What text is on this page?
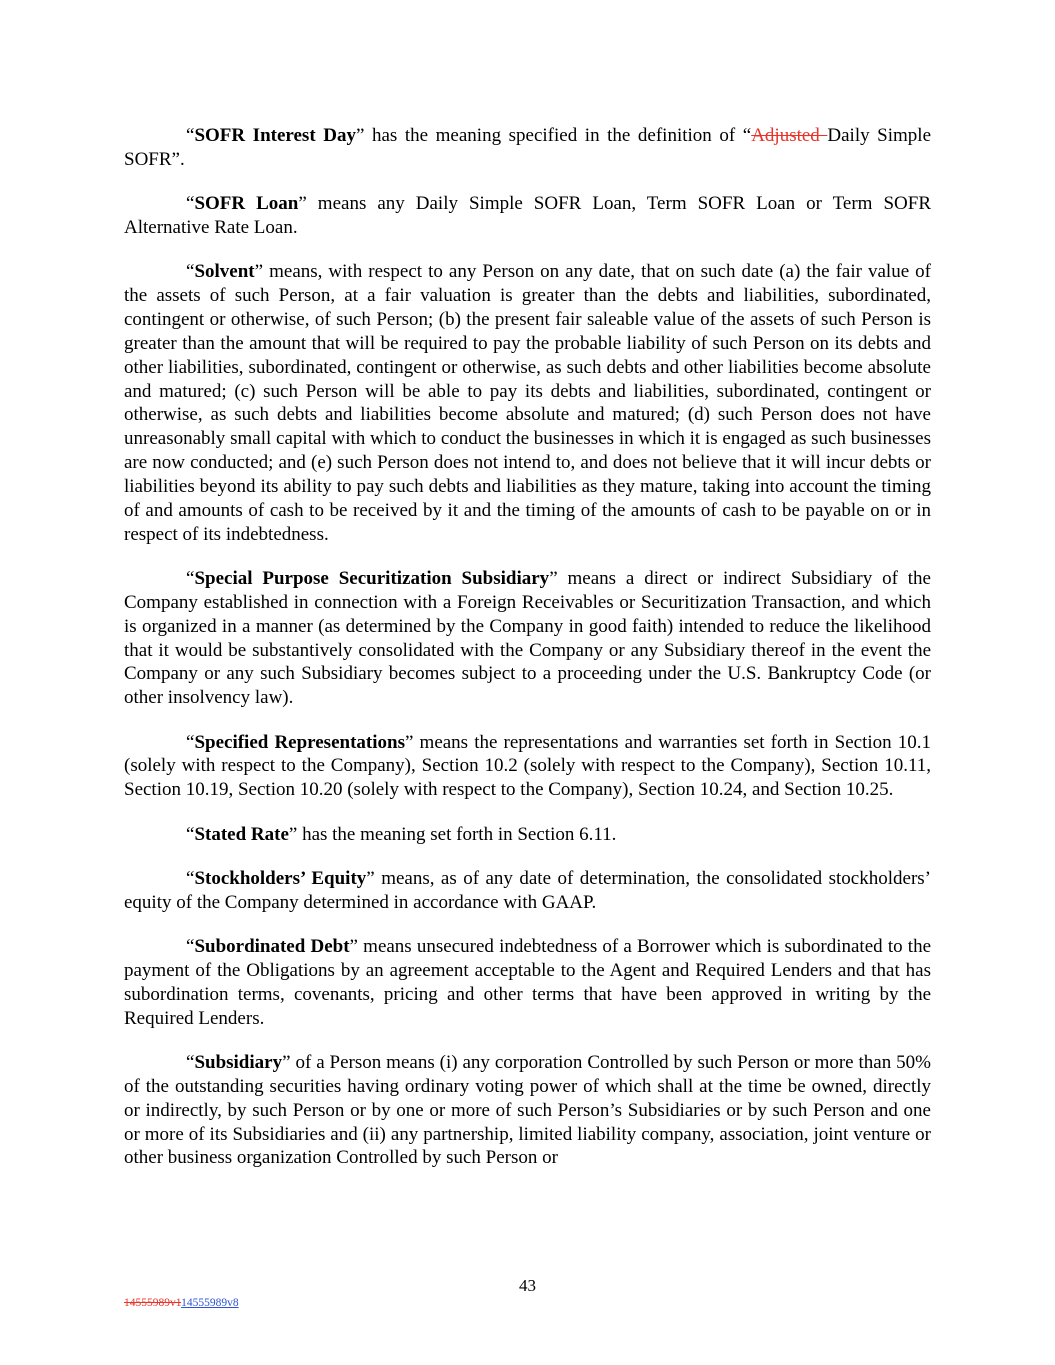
“SOFR Interest Day” has the meaning specified in the definition of “Adjusted Daily Simple SOFR”.

“SOFR Loan” means any Daily Simple SOFR Loan, Term SOFR Loan or Term SOFR Alternative Rate Loan.

“Solvent” means, with respect to any Person on any date, that on such date (a) the fair value of the assets of such Person, at a fair valuation is greater than the debts and liabilities, subordinated, contingent or otherwise, of such Person; (b) the present fair saleable value of the assets of such Person is greater than the amount that will be required to pay the probable liability of such Person on its debts and other liabilities, subordinated, contingent or otherwise, as such debts and other liabilities become absolute and matured; (c) such Person will be able to pay its debts and liabilities, subordinated, contingent or otherwise, as such debts and liabilities become absolute and matured; (d) such Person does not have unreasonably small capital with which to conduct the businesses in which it is engaged as such businesses are now conducted; and (e) such Person does not intend to, and does not believe that it will incur debts or liabilities beyond its ability to pay such debts and liabilities as they mature, taking into account the timing of and amounts of cash to be received by it and the timing of the amounts of cash to be payable on or in respect of its indebtedness.

“Special Purpose Securitization Subsidiary” means a direct or indirect Subsidiary of the Company established in connection with a Foreign Receivables or Securitization Transaction, and which is organized in a manner (as determined by the Company in good faith) intended to reduce the likelihood that it would be substantively consolidated with the Company or any Subsidiary thereof in the event the Company or any such Subsidiary becomes subject to a proceeding under the U.S. Bankruptcy Code (or other insolvency law).

“Specified Representations” means the representations and warranties set forth in Section 10.1 (solely with respect to the Company), Section 10.2 (solely with respect to the Company), Section 10.11, Section 10.19, Section 10.20 (solely with respect to the Company), Section 10.24, and Section 10.25.

“Stated Rate” has the meaning set forth in Section 6.11.

“Stockholders’ Equity” means, as of any date of determination, the consolidated stockholders’ equity of the Company determined in accordance with GAAP.

“Subordinated Debt” means unsecured indebtedness of a Borrower which is subordinated to the payment of the Obligations by an agreement acceptable to the Agent and Required Lenders and that has subordination terms, covenants, pricing and other terms that have been approved in writing by the Required Lenders.

“Subsidiary” of a Person means (i) any corporation Controlled by such Person or more than 50% of the outstanding securities having ordinary voting power of which shall at the time be owned, directly or indirectly, by such Person or by one or more of such Person’s Subsidiaries or by such Person and one or more of its Subsidiaries and (ii) any partnership, limited liability company, association, joint venture or other business organization Controlled by such Person or

43
14555989v114555989v8
